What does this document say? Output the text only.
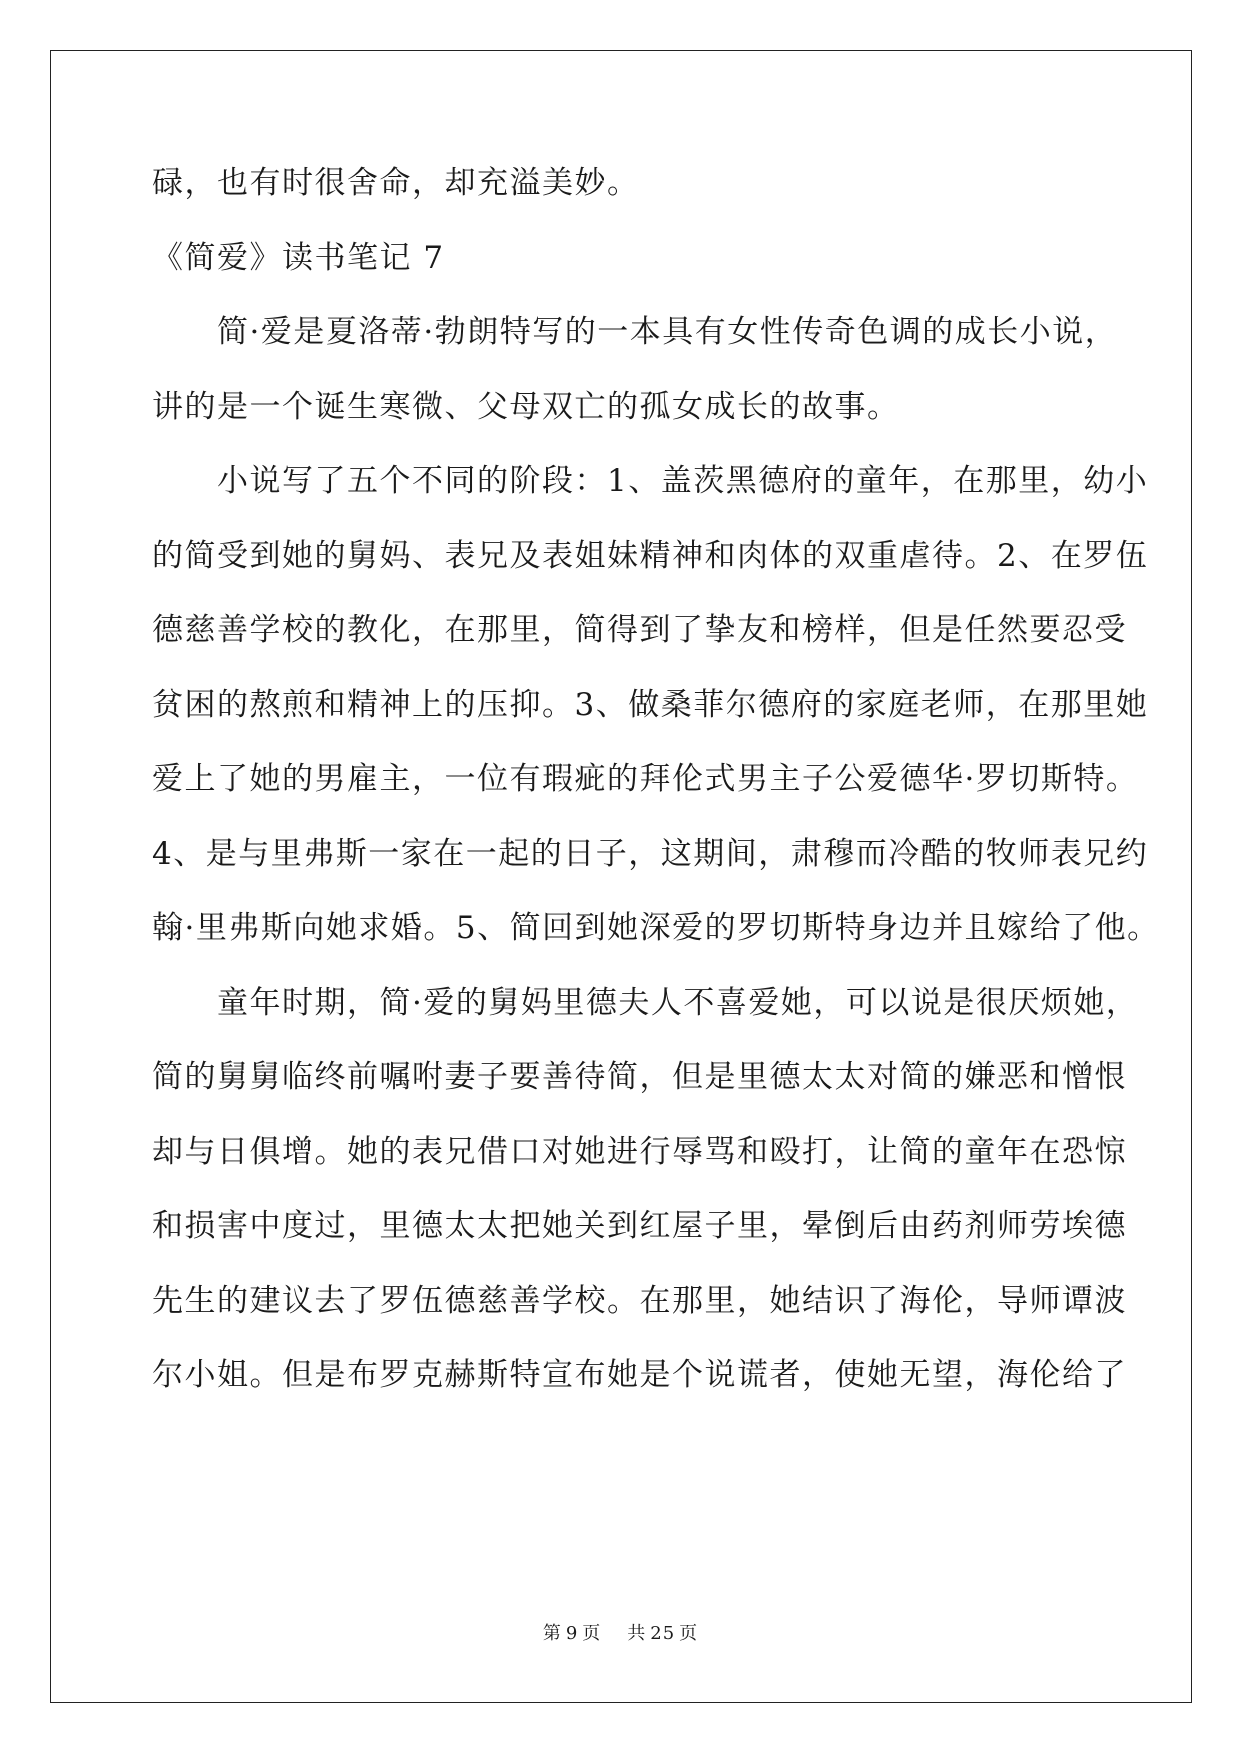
碌，也有时很舍命，却充溢美妙。
《简爱》读书笔记 7
　　简·爱是夏洛蒂·勃朗特写的一本具有女性传奇色调的成长小说，
讲的是一个诞生寒微、父母双亡的孤女成长的故事。
　　小说写了五个不同的阶段：1、盖茨黑德府的童年，在那里，幼小
的简受到她的舅妈、表兄及表姐妹精神和肉体的双重虐待。2、在罗伍
德慈善学校的教化，在那里，简得到了挚友和榜样，但是任然要忍受
贫困的熬煎和精神上的压抑。3、做桑菲尔德府的家庭老师，在那里她
爱上了她的男雇主，一位有瑕疵的拜伦式男主子公爱德华·罗切斯特。
4、是与里弗斯一家在一起的日子，这期间，肃穆而冷酷的牧师表兄约
翰·里弗斯向她求婚。5、简回到她深爱的罗切斯特身边并且嫁给了他。
　　童年时期，简·爱的舅妈里德夫人不喜爱她，可以说是很厌烦她，
简的舅舅临终前嘱咐妻子要善待简，但是里德太太对简的嫌恶和憎恨
却与日俱增。她的表兄借口对她进行辱骂和殴打，让简的童年在恐惊
和损害中度过，里德太太把她关到红屋子里，晕倒后由药剂师劳埃德
先生的建议去了罗伍德慈善学校。在那里，她结识了海伦，导师谭波
尔小姐。但是布罗克赫斯特宣布她是个说谎者，使她无望，海伦给了
第 9 页 共 25 页
